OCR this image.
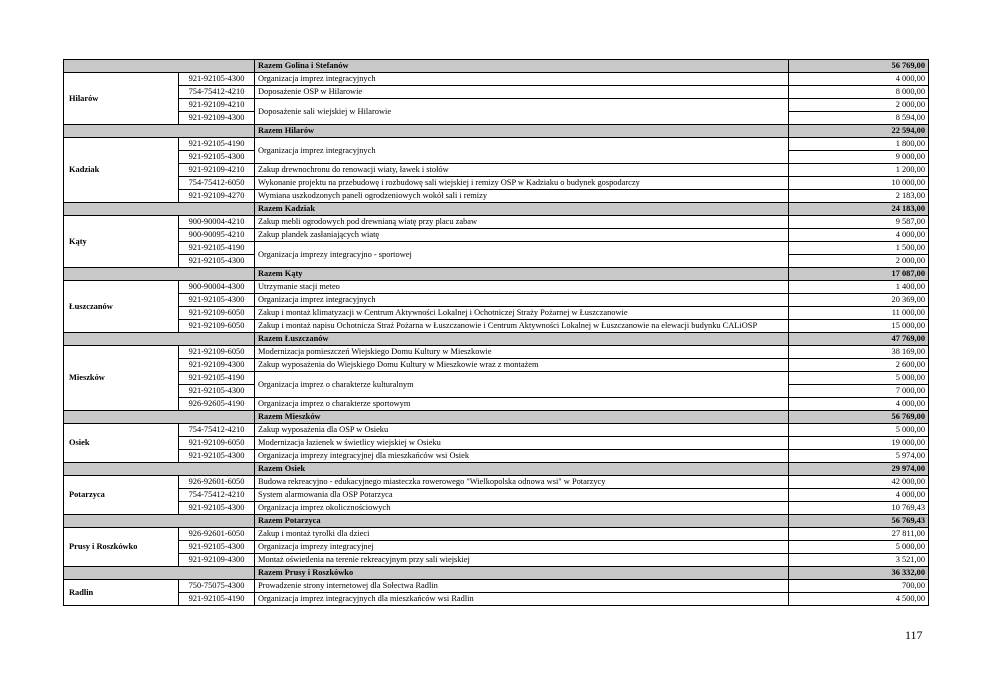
		Razem Golina i Stefanów	56 769,00
Hilarów	921-92105-4300	Organizacja imprez integracyjnych	4 000,00
	754-75412-4210	Doposażenie OSP w Hilarowie	8 000,00
	921-92109-4210	Doposażenie sali wiejskiej w Hilarowie	2 000,00
	921-92109-4300		8 594,00
		Razem Hilarów	22 594,00
Kadziak	921-92105-4190	Organizacja imprez integracyjnych	1 800,00
	921-92105-4300		9 000,00
	921-92109-4210	Zakup drewnochronu do renowacji wiaty, ławek i stołów	1 200,00
	754-75412-6050	Wykonanie projektu na przebudowę i rozbudowę sali wiejskiej i remizy OSP w Kadziaku o budynek gospodarczy	10 000,00
	921-92109-4270	Wymiana uszkodzonych paneli ogrodzeniowych wokół sali i remizy	2 183,00
		Razem Kadziak	24 183,00
Kąty	900-90004-4210	Zakup mebli ogrodowych pod drewnianą wiatę przy placu zabaw	9 587,00
	900-90095-4210	Zakup plandek zasłaniających wiatę	4 000,00
	921-92105-4190	Organizacja imprezy integracyjno - sportowej	1 500,00
	921-92105-4300		2 000,00
		Razem Kąty	17 087,00
Łuszczanów	900-90004-4300	Utrzymanie stacji meteo	1 400,00
	921-92105-4300	Organizacja imprez integracyjnych	20 369,00
	921-92109-6050	Zakup i montaż klimatyzacji w Centrum Aktywności Lokalnej i Ochotniczej Straży Pożarnej w Łuszczanowie	11 000,00
	921-92109-6050	Zakup i montaż napisu Ochotnicza Straż Pożarna w Łuszczanowie i Centrum Aktywności Lokalnej w Łuszczanowie na elewacji budynku CALiOSP	15 000,00
		Razem Łuszczanów	47 769,00
Mieszków	921-92109-6050	Modernizacja pomieszczeń Wiejskiego Domu Kultury w Mieszkowie	38 169,00
	921-92109-4300	Zakup wyposażenia do Wiejskiego Domu Kultury w Mieszkowie wraz z montażem	2 600,00
	921-92105-4190	Organizacja imprez o charakterze kulturalnym	5 000,00
	921-92105-4300		7 000,00
	926-92605-4190	Organizacja imprez o charakterze sportowym	4 000,00
		Razem Mieszków	56 769,00
Osiek	754-75412-4210	Zakup wyposażenia dla OSP w Osieku	5 000,00
	921-92109-6050	Modernizacja łazienek w świetlicy wiejskiej w Osieku	19 000,00
	921-92105-4300	Organizacja imprezy integracyjnej dla mieszkańców wsi Osiek	5 974,00
		Razem Osiek	29 974,00
Potarzyca	926-92601-6050	Budowa rekreacyjno - edukacyjnego miasteczka rowerowego "Wielkopolska odnowa wsi" w Potarzycy	42 000,00
	754-75412-4210	System alarmowania dla OSP Potarzyca	4 000,00
	921-92105-4300	Organizacja imprez okolicznościowych	10 769,43
		Razem Potarzyca	56 769,43
Prusy i Roszkówko	926-92601-6050	Zakup i montaż tyrolki dla dzieci	27 811,00
	921-92105-4300	Organizacja imprezy integracyjnej	5 000,00
	921-92109-4300	Montaż oświetlenia na terenie rekreacyjnym przy sali wiejskiej	3 521,00
		Razem Prusy i Roszkówko	36 332,00
Radlin	750-75075-4300	Prowadzenie strony internetowej dla Sołectwa Radlin	700,00
	921-92105-4190	Organizacja imprez integracyjnych dla mieszkańców wsi Radlin	4 500,00
117
